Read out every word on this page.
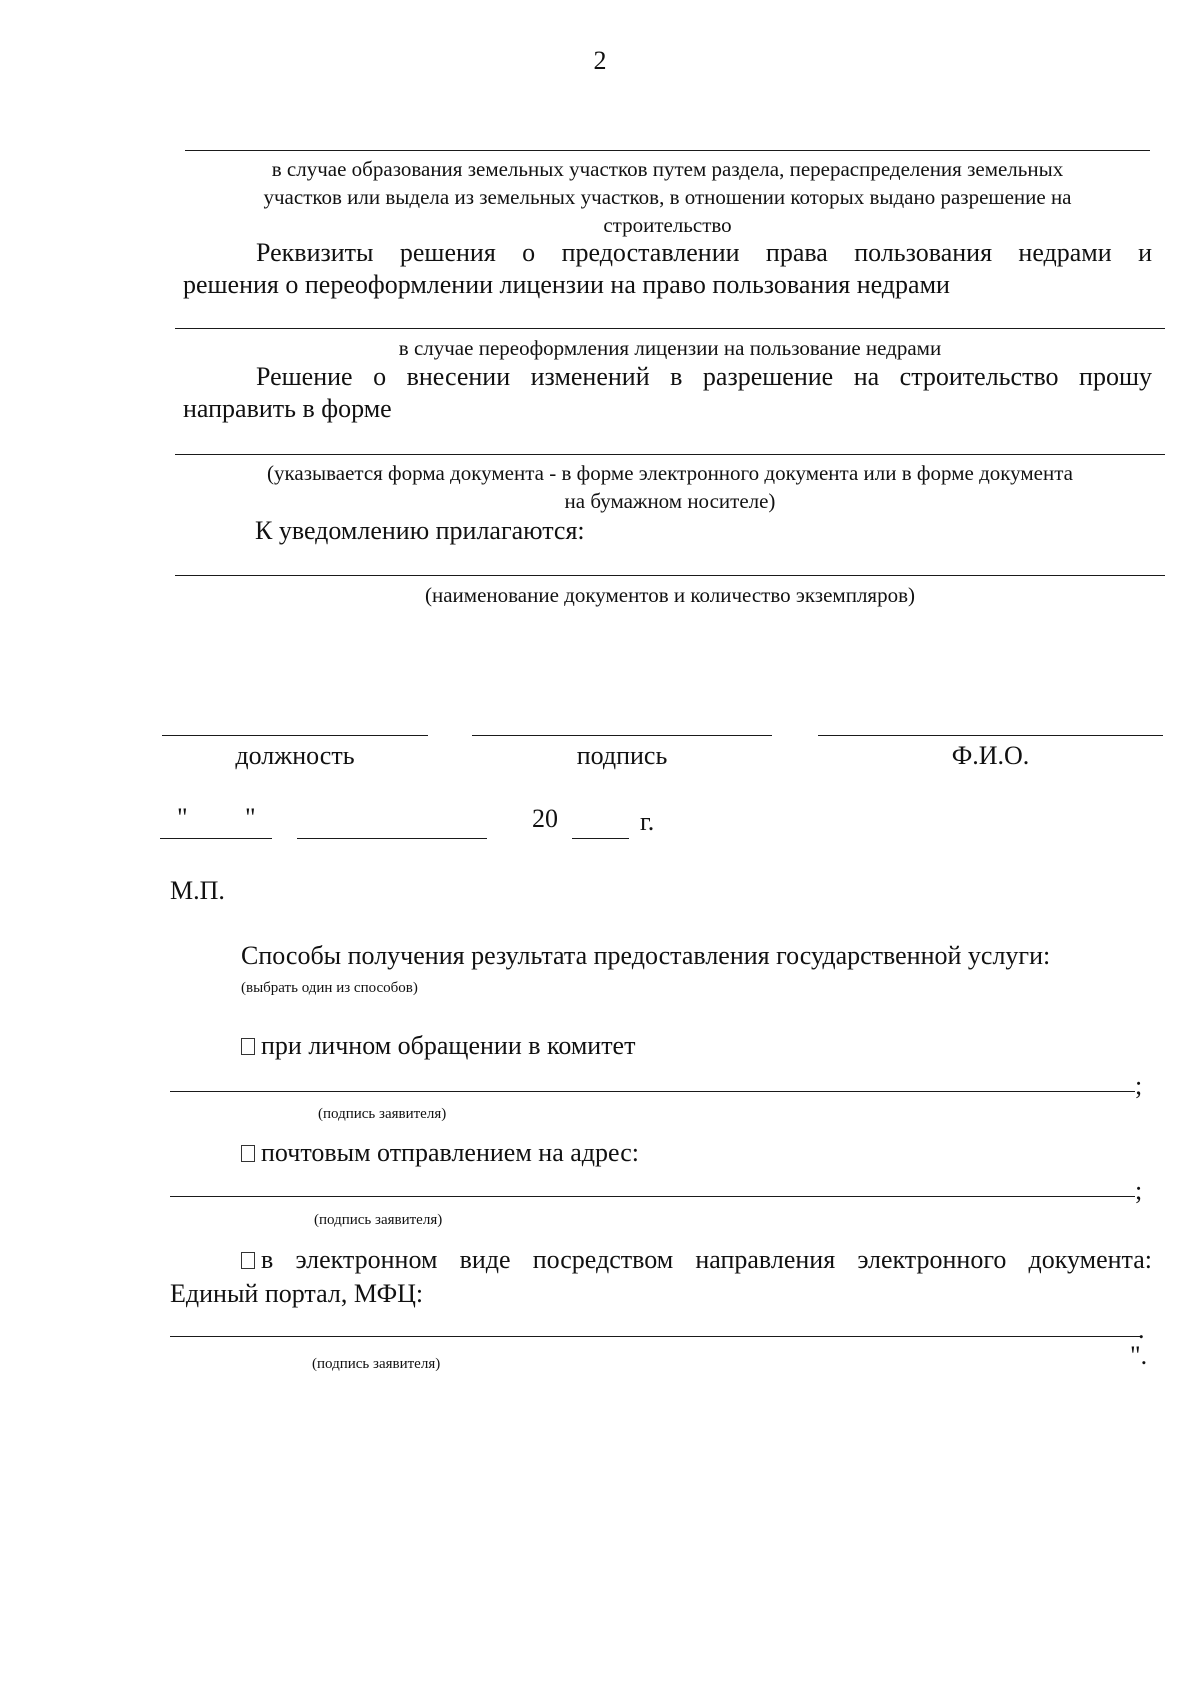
2
в случае образования земельных участков путем раздела, перераспределения земельных
участков или выдела из земельных участков, в отношении которых выдано разрешение на
строительство
Реквизиты решения о предоставлении права пользования недрами и
решения о переоформлении лицензии на право пользования недрами
в случае переоформления лицензии на пользование недрами
Решение о внесении изменений в разрешение на строительство прошу
направить в форме
(указывается форма документа - в форме электронного документа или в форме документа
на бумажном носителе)
К уведомлению прилагаются:
(наименование документов и количество экземпляров)
должность	подпись	Ф.И.О.
" "	20	г.
М.П.
Способы получения результата предоставления государственной услуги:
(выбрать один из способов)
при личном обращении в комитет
;
(подпись заявителя)
почтовым отправлением на адрес:
;
(подпись заявителя)
в электронном виде посредством направления электронного документа:
Единый портал, МФЦ:
.
(подпись заявителя)	".
